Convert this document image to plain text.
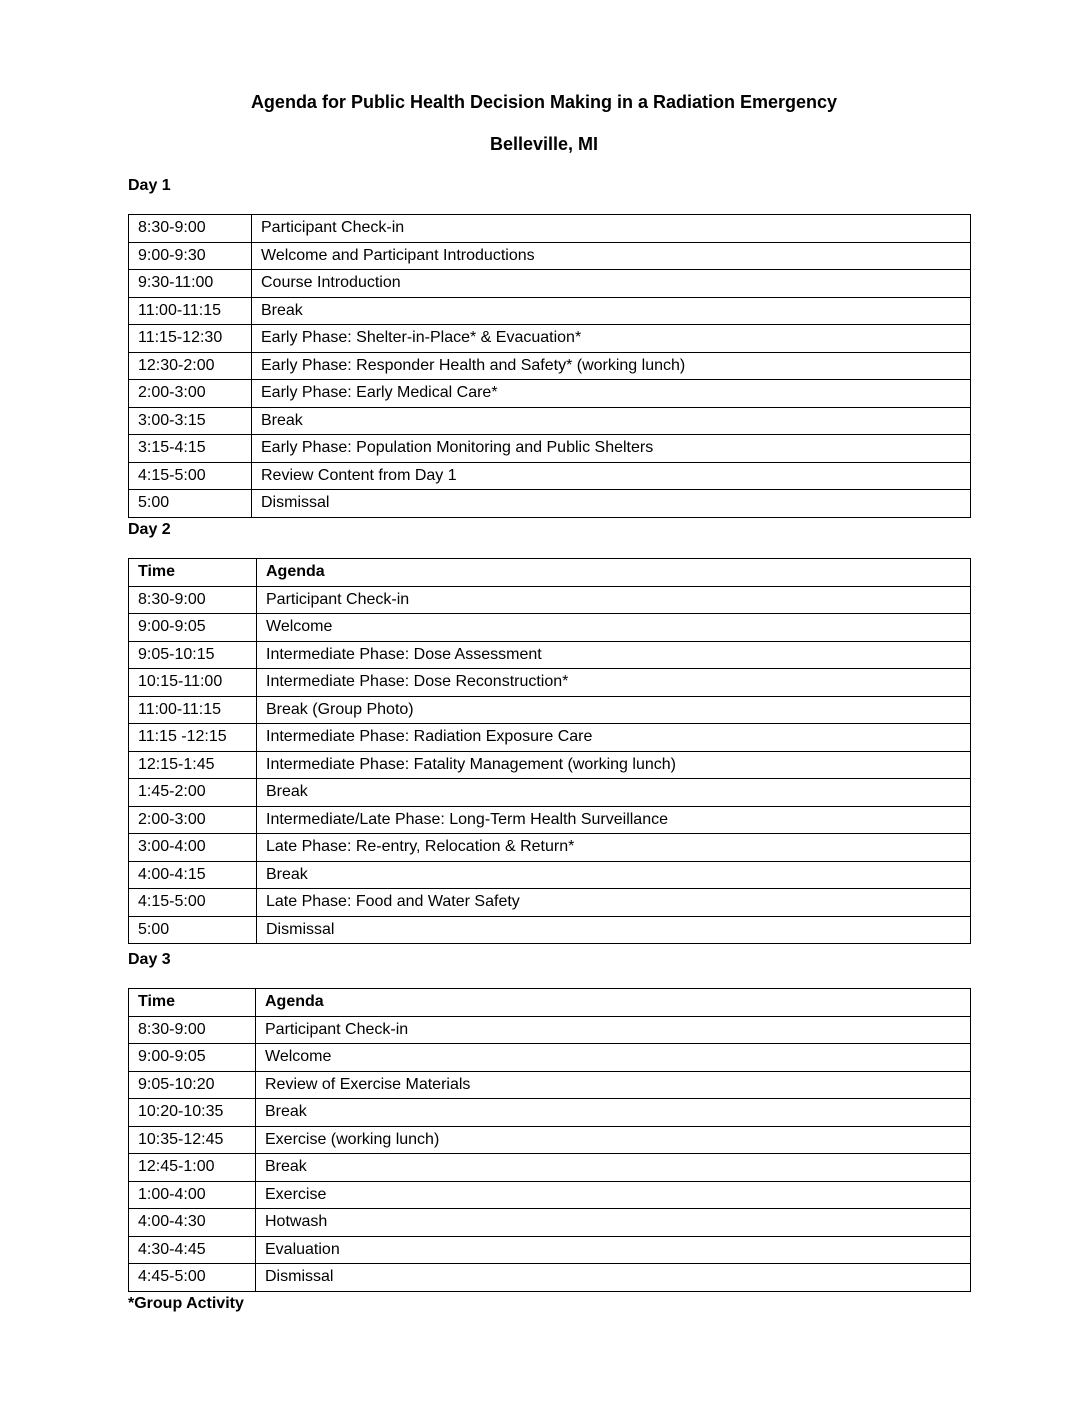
Agenda for Public Health Decision Making in a Radiation Emergency
Belleville, MI
Day 1
8:30-9:00	Participant Check-in
9:00-9:30	Welcome and Participant Introductions
9:30-11:00	Course Introduction
11:00-11:15	Break
11:15-12:30	Early Phase: Shelter-in-Place* & Evacuation*
12:30-2:00	Early Phase: Responder Health and Safety* (working lunch)
2:00-3:00	Early Phase: Early Medical Care*
3:00-3:15	Break
3:15-4:15	Early Phase: Population Monitoring and Public Shelters
4:15-5:00	Review Content from Day 1
5:00	Dismissal
Day 2
Time	Agenda
8:30-9:00	Participant Check-in
9:00-9:05	Welcome
9:05-10:15	Intermediate Phase: Dose Assessment
10:15-11:00	Intermediate Phase: Dose Reconstruction*
11:00-11:15	Break (Group Photo)
11:15 -12:15	Intermediate Phase: Radiation Exposure Care
12:15-1:45	Intermediate Phase: Fatality Management (working lunch)
1:45-2:00	Break
2:00-3:00	Intermediate/Late Phase: Long-Term Health Surveillance
3:00-4:00	Late Phase: Re-entry, Relocation & Return*
4:00-4:15	Break
4:15-5:00	Late Phase: Food and Water Safety
5:00	Dismissal
Day 3
Time	Agenda
8:30-9:00	Participant Check-in
9:00-9:05	Welcome
9:05-10:20	Review of Exercise Materials
10:20-10:35	Break
10:35-12:45	Exercise (working lunch)
12:45-1:00	Break
1:00-4:00	Exercise
4:00-4:30	Hotwash
4:30-4:45	Evaluation
4:45-5:00	Dismissal
*Group Activity
